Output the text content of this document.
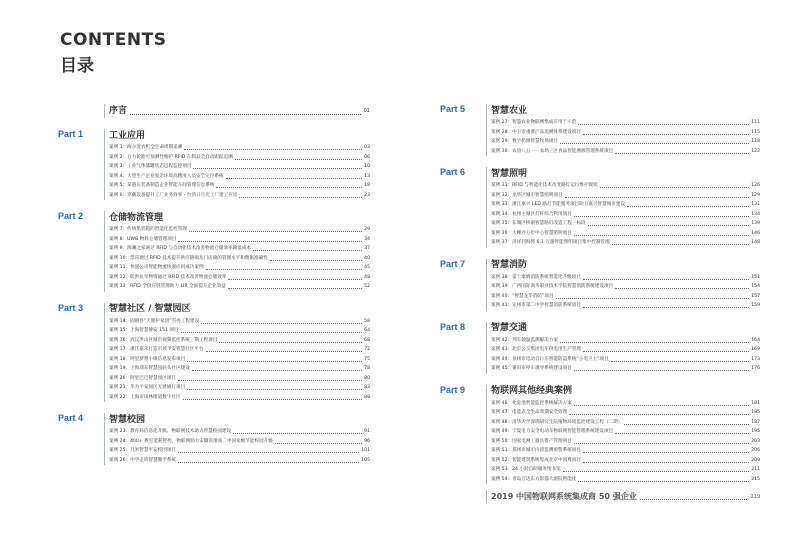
CONTENTS
目录
序言	01
Part 1	工业应用
案例 1：海尔洗衣机全生命周期追溯	03
案例 2：万力轮胎可预测性维护 RFID 在制品全自动跟踪追溯	06
案例 3：工业气体储罐状态远程监控项目	10
案例 4：大型生产企业复杂环境高精度人员安全定位系统	13
案例 5：某港压装备制造企业智能车间管理信息系统	18
案例 6：穿戴设备提升工厂业务效率 - 台湾日月光工厂建工应用	23
Part 2	仓储物流管理
案例 7：传统集装箱的智能化监控管理	29
案例 8：UWB 物料仓储管理项目	34
案例 9：海澜之家通过 RFID 与自动化技术改善物流仓储效率降低成本	37
案例 10：票乐通过 RFID 技术提升供应链端及门店端的管理水平和数据准确性	40
案例 11：快递公司智能物流快递应用成功案例	45
案例 12：防洪抗旱物资通过 RFID 技术改善物流仓储效率	48
案例 13：RFID 全供应链管理助力 LIR 全面提升企业效益	52
Part 3	智慧社区 / 智慧园区
案例 14：固镇县“天眼护家园”雪亮工程建设	58
案例 15：上海智慧静安 151 项目	64
案例 16：武汉洪山区城市视频监控系统三期工程项目	68
案例 17：浙江嘉禾打造市域平安智慧社区平台	72
案例 18：阿里梦想小镇信息发布项目	75
案例 19：上海浦东智慧园码头社区建设	78
案例 20：阿里巴巴智慧园区项目	80
案例 21：华为平安园区无感通行项目	83
案例 22：上海市田林街道数字社区	88
Part 4	智慧校园
案例 23：教育局信息化升级、物联网技术助力智慧校园建设	91
案例 24：400+ 教室能耗智控，物联网助力安徽省淮南二中国家级节能校园升级	96
案例 25：几米智慧平安校园项目	101
案例 26：中学走班智慧教学系统	105
Part 5	智慧农业
案例 27：智慧农业物联网集成应用于示范	111
案例 28：中卫市重要产品追溯体系建设项目	115
案例 29：数字奶源智慧牧场项目	118
案例 30：农垦八五一一农场三区食品智能溯源管理系统项目	122
Part 6	智慧照明
案例 31：RFID 与智能化技术改变路灯运行维护现状	126
案例 32：龙华区城市智慧照明项目	129
案例 33：浙江嘉兴 LED 路灯节能服务项目助力嘉兴智慧城市建设	131
案例 34：杭州主城区灯杆综合利用项目	134
案例 35：东城区桥洞智慧路灯改造工程一标段	139
案例 36：大柳沙万年中心智慧照明项目	146
案例 37：济祥刊海将 6.1 万盏智能照明项目集中控制管理	148
Part 7	智慧消防
案例 38：雷士康姆消防系统智能化升级项目	151
案例 39：广西国际商务职业技术学院智慧消防系统建设项目	154
案例 40：“智慧龙华消防”项目	157
案例 41：定州市第二中学智慧消防系统项目	159
Part 8	智慧交通
案例 42：列车轴温监测解决方案	164
案例 43：北京公交集团电车供电用生产管理	169
案例 44：泉州市电动自行车智能防盗系统“小电卫士”项目	173
案例 45：莆田市停车诱导系统建设项目	176
Part 9	物联网其他经典案例
案例 46：化危池智能监控系统解决方案	181
案例 47：电能表全生命周期安全管理	185
案例 48：清华大学深圳研究生院植物环境监控建设工程（二期）	187
案例 49：宁夏电力安全电动车物联网智能管理系统建设项目	195
案例 50：国家电网工器具资产管理项目	203
案例 51：郑州市城市内涝监测预警系统项目	206
案例 52：智能建筑系统集成北京中国尊项目	209
案例 53：24 小时自助服务图书馆	211
案例 54：青岛万达东方影都大剧院智能化	215
2019 中国物联网系统集成商 50 强企业	219
